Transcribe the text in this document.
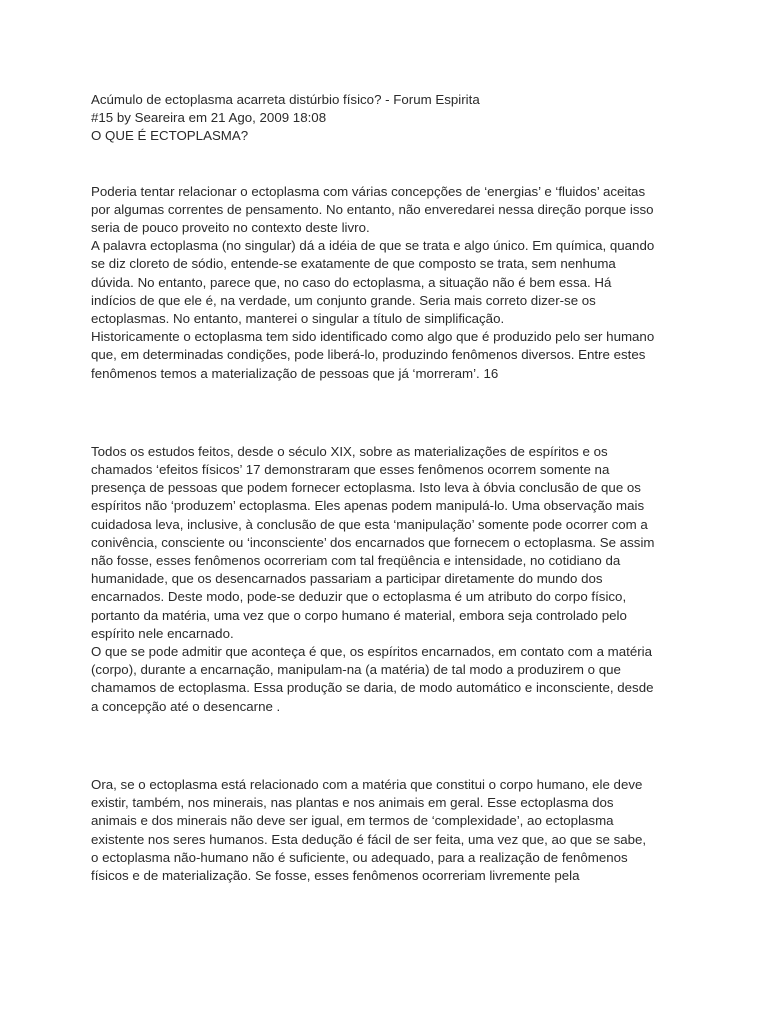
Acúmulo de ectoplasma acarreta distúrbio físico? - Forum Espirita

#15 by Seareira em 21 Ago, 2009 18:08

O QUE É ECTOPLASMA?

Poderia tentar relacionar o ectoplasma com várias concepções de ‘energias’ e ‘fluidos’ aceitas
por algumas correntes de pensamento. No entanto, não enveredarei nessa direção porque isso
seria de pouco proveito no contexto deste livro.

A palavra ectoplasma (no singular) dá a idéia de que se trata e algo único. Em química, quando
se diz cloreto de sódio, entende-se exatamente de que composto se trata, sem nenhuma
dúvida. No entanto, parece que, no caso do ectoplasma, a situação não é bem essa. Há
indícios de que ele é, na verdade, um conjunto grande. Seria mais correto dizer-se os
ectoplasmas. No entanto, manterei o singular a título de simplificação.

Historicamente o ectoplasma tem sido identificado como algo que é produzido pelo ser humano
que, em determinadas condições, pode liberá-lo, produzindo fenômenos diversos. Entre estes
fenômenos temos a materialização de pessoas que já ‘morreram’. 16

Todos os estudos feitos, desde o século XIX, sobre as materializações de espíritos e os
chamados ‘efeitos físicos’ 17 demonstraram que esses fenômenos ocorrem somente na
presença de pessoas que podem fornecer ectoplasma. Isto leva à óbvia conclusão de que os
espíritos não ‘produzem’ ectoplasma. Eles apenas podem manipulá-lo. Uma observação mais
cuidadosa leva, inclusive, à conclusão de que esta ‘manipulação’ somente pode ocorrer com a
conivência, consciente ou ‘inconsciente’ dos encarnados que fornecem o ectoplasma. Se assim
não fosse, esses fenômenos ocorreriam com tal freqüência e intensidade, no cotidiano da
humanidade, que os desencarnados passariam a participar diretamente do mundo dos
encarnados. Deste modo, pode-se deduzir que o ectoplasma é um atributo do corpo físico,
portanto da matéria, uma vez que o corpo humano é material, embora seja controlado pelo
espírito nele encarnado.

O que se pode admitir que aconteça é que, os espíritos encarnados, em contato com a matéria
(corpo), durante a encarnação, manipulam-na (a matéria) de tal modo a produzirem o que
chamamos de ectoplasma. Essa produção se daria, de modo automático e inconsciente, desde
a concepção até o desencarne .

Ora, se o ectoplasma está relacionado com a matéria que constitui o corpo humano, ele deve
existir, também, nos minerais, nas plantas e nos animais em geral. Esse ectoplasma dos
animais e dos minerais não deve ser igual, em termos de ‘complexidade’, ao ectoplasma
existente nos seres humanos. Esta dedução é fácil de ser feita, uma vez que, ao que se sabe,
o ectoplasma não-humano não é suficiente, ou adequado, para a realização de fenômenos
físicos e de materialização. Se fosse, esses fenômenos ocorreriam livremente pela
